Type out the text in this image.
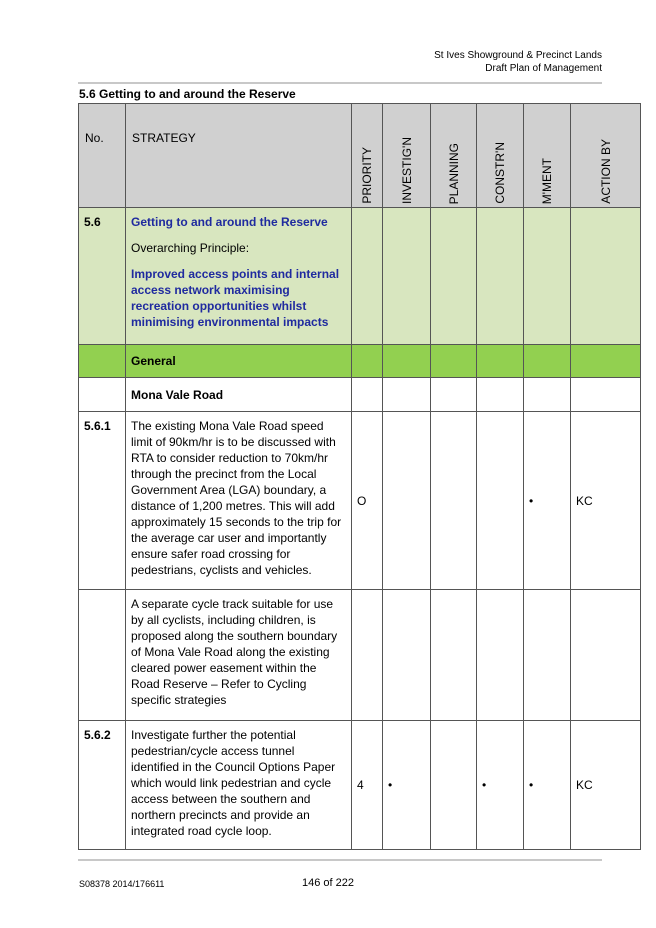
St Ives Showground & Precinct Lands
Draft Plan of Management
5.6 Getting to and around the Reserve
No.	STRATEGY	PRIORITY	INVESTIG'N	PLANNING	CONSTR'N	M'MENT	ACTION BY

5.6	Getting to and around the Reserve

Overarching Principle:

Improved access points and internal access network maximising recreation opportunities whilst minimising environmental impacts						

	General						
	Mona Vale Road						
5.6.1	The existing Mona Vale Road speed limit of 90km/hr is to be discussed with RTA to consider reduction to 70km/hr through the precinct from the Local Government Area (LGA) boundary, a distance of 1,200 metres. This will add approximately 15 seconds to the trip for the average car user and importantly ensure safer road crossing for pedestrians, cyclists and vehicles.	O				•	KC
	A separate cycle track suitable for use by all cyclists, including children, is proposed along the southern boundary of Mona Vale Road along the existing cleared power easement within the Road Reserve – Refer to Cycling specific strategies						
5.6.2	Investigate further the potential pedestrian/cycle access tunnel identified in the Council Options Paper which would link pedestrian and cycle access between the southern and northern precincts and provide an integrated road cycle loop.	4	•		•	•	KC
S08378 2014/176611	146 of 222
